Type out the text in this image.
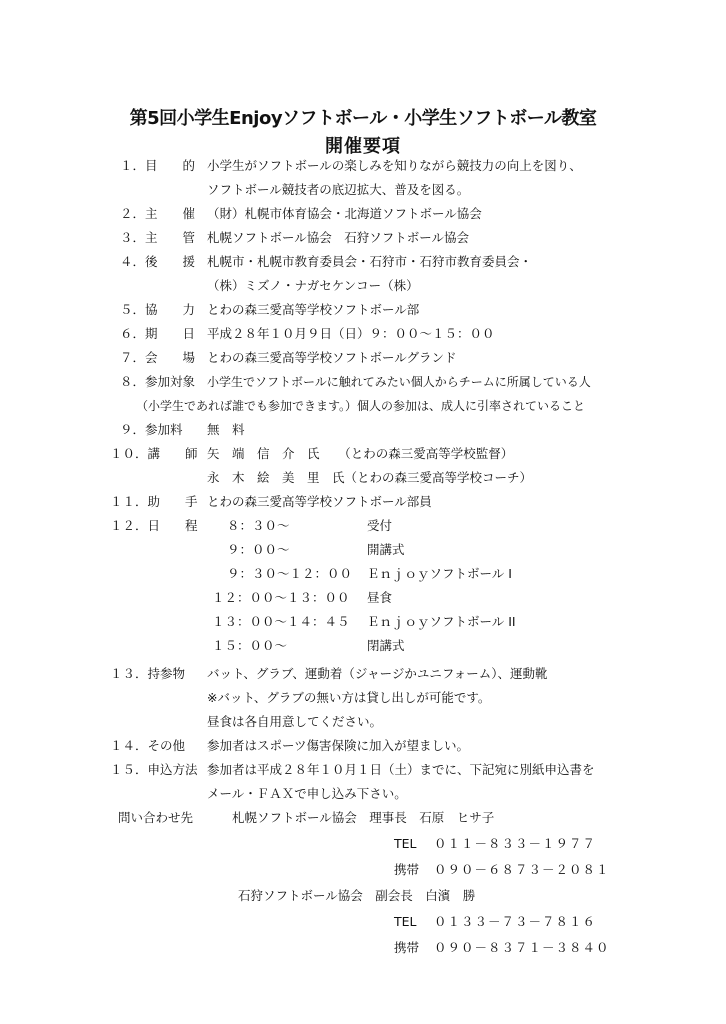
第5回小学生Enjoyソフトボール・小学生ソフトボール教室
開催要項
１．目　　的 小学生がソフトボールの楽しみを知りながら競技力の向上を図り、
ソフトボール競技者の底辺拡大、普及を図る。
２．主　　催 （財）札幌市体育協会・北海道ソフトボール協会
３．主　　管 札幌ソフトボール協会　石狩ソフトボール協会
４．後　　援 札幌市・札幌市教育委員会・石狩市・石狩市教育委員会・
（株）ミズノ・ナガセケンコー（株）
５．協　　力 とわの森三愛高等学校ソフトボール部
６．期　　日 平成２８年１０月９日（日）９：００～１５：００
７．会　　場 とわの森三愛高等学校ソフトボールグランド
８．参加対象 小学生でソフトボールに触れてみたい個人からチームに所属している人
（小学生であれば誰でも参加できます。）個人の参加は、成人に引率されていること
９．参加料 無　料
１０．講　　師 矢　端　信　介　氏　　（とわの森三愛高等学校監督）
永　木　絵　美　里　氏（とわの森三愛高等学校コーチ）
１１．助　　手 とわの森三愛高等学校ソフトボール部員
１２．日　　程 ８：３０～	受付
９：００～	開講式
９：３０～１２：００ Ｅｎｊｏｙソフトボール I
１２：００～１３：００ 昼食
１３：００～１４：４５ Ｅｎｊｏｙソフトボール II
１５：００～	閉講式
１３．持参物 バット、グラブ、運動着（ジャージかユニフォーム）、運動靴
※バット、グラブの無い方は貸し出しが可能です。
昼食は各自用意してください。
１４．その他 参加者はスポーツ傷害保険に加入が望ましい。
１５．申込方法 参加者は平成２８年１０月１日（土）までに、下記宛に別紙申込書を
メール・ＦＡＸで申し込み下さい。
問い合わせ先	札幌ソフトボール協会　理事長　石原　ヒサ子
TEL ０１１－８３３－１９７７
携帯 ０９０－６８７３－２０８１
石狩ソフトボール協会　副会長　白濱　勝
TEL ０１３３－７３－７８１６
携帯 ０９０－８３７１－３８４０
